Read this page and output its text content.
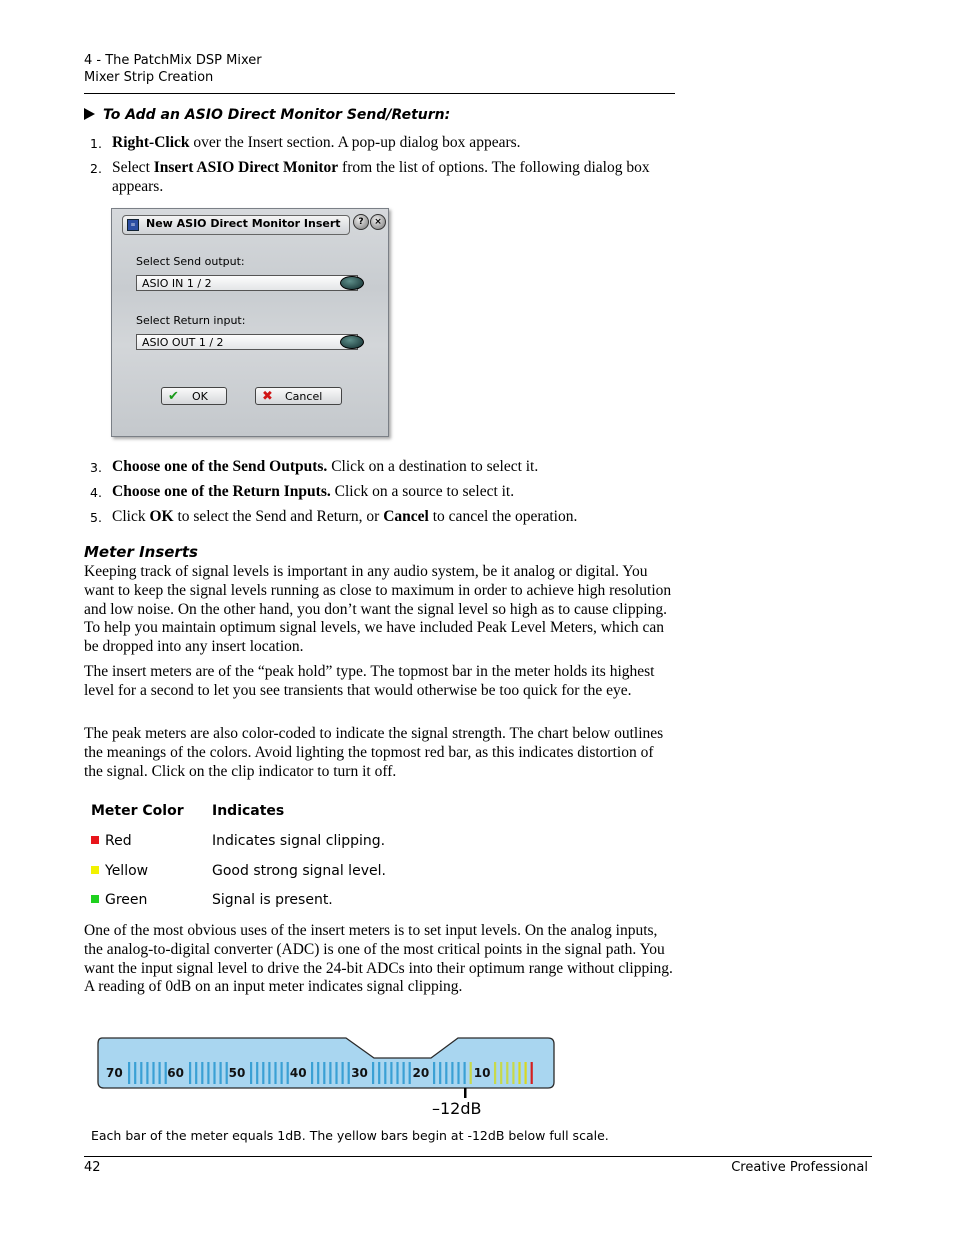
4 - The PatchMix DSP Mixer
Mixer Strip Creation
To Add an ASIO Direct Monitor Send/Return:
1. Right-Click over the Insert section. A pop-up dialog box appears.
2. Select Insert ASIO Direct Monitor from the list of options. The following dialog box appears.
≡ New ASIO Direct Monitor Insert	?	×
Select Send output:
ASIO IN 1 / 2
Select Return input:
ASIO OUT 1 / 2
✔ OK	✖ Cancel
3. Choose one of the Send Outputs. Click on a destination to select it.
4. Choose one of the Return Inputs. Click on a source to select it.
5. Click OK to select the Send and Return, or Cancel to cancel the operation.
Meter Inserts
Keeping track of signal levels is important in any audio system, be it analog or digital. You want to keep the signal levels running as close to maximum in order to achieve high resolution and low noise. On the other hand, you don’t want the signal level so high as to cause clipping. To help you maintain optimum signal levels, we have included Peak Level Meters, which can be dropped into any insert location.
The insert meters are of the “peak hold” type. The topmost bar in the meter holds its highest level for a second to let you see transients that would otherwise be too quick for the eye.
The peak meters are also color-coded to indicate the signal strength. The chart below outlines the meanings of the colors. Avoid lighting the topmost red bar, as this indicates distortion of the signal. Click on the clip indicator to turn it off.
Meter Color Indicates
Red	Indicates signal clipping.
Yellow	Good strong signal level.
Green	Signal is present.
One of the most obvious uses of the insert meters is to set input levels. On the analog inputs, the analog-to-digital converter (ADC) is one of the most critical points in the signal path. You want the input signal level to drive the 24-bit ADCs into their optimum range without clipping. A reading of 0dB on an input meter indicates signal clipping.
70	60	50	40	30	20	10
–12dB
Each bar of the meter equals 1dB. The yellow bars begin at -12dB below full scale.
42	Creative Professional
